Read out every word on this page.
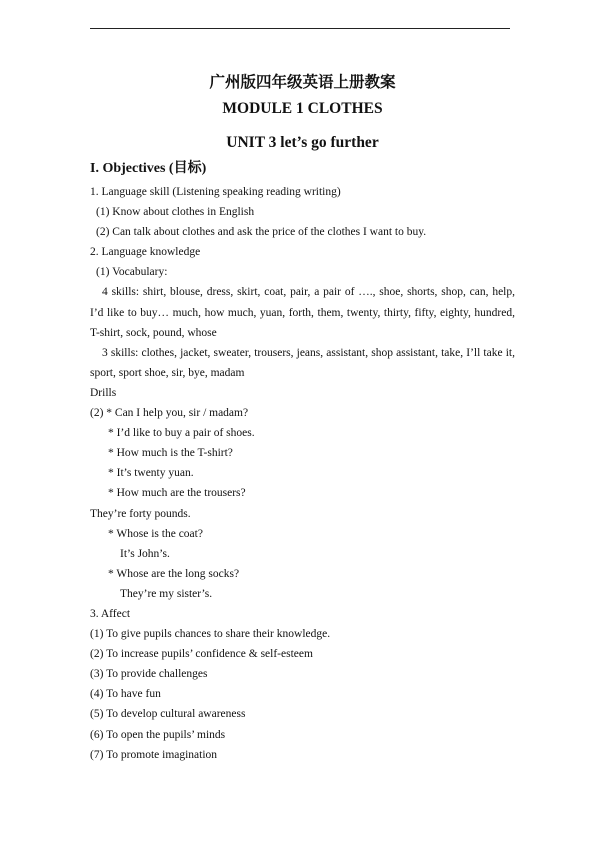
广州版四年级英语上册教案

MODULE 1 CLOTHES

UNIT 3 let’s go further

I. Objectives (目标)

1. Language skill (Listening speaking reading writing)

(1) Know about clothes in English

(2) Can talk about clothes and ask the price of the clothes I want to buy.

2. Language knowledge

(1) Vocabulary:

4 skills: shirt, blouse, dress, skirt, coat, pair, a pair of …., shoe, shorts, shop, can, help, I’d like to buy… much, how much, yuan, forth, them, twenty, thirty, fifty, eighty, hundred, T-shirt, sock, pound, whose

3 skills: clothes, jacket, sweater, trousers, jeans, assistant, shop assistant, take, I’ll take it, sport, sport shoe, sir, bye, madam

Drills

(2) * Can I help you, sir / madam?

* I’d like to buy a pair of shoes.

* How much is the T-shirt?

* It’s twenty yuan.

* How much are the trousers?

They’re forty pounds.

* Whose is the coat?

It’s John’s.

* Whose are the long socks?

They’re my sister’s.

3. Affect

(1) To give pupils chances to share their knowledge.

(2) To increase pupils’ confidence & self-esteem

(3) To provide challenges

(4) To have fun

(5) To develop cultural awareness

(6) To open the pupils’ minds

(7) To promote imagination
